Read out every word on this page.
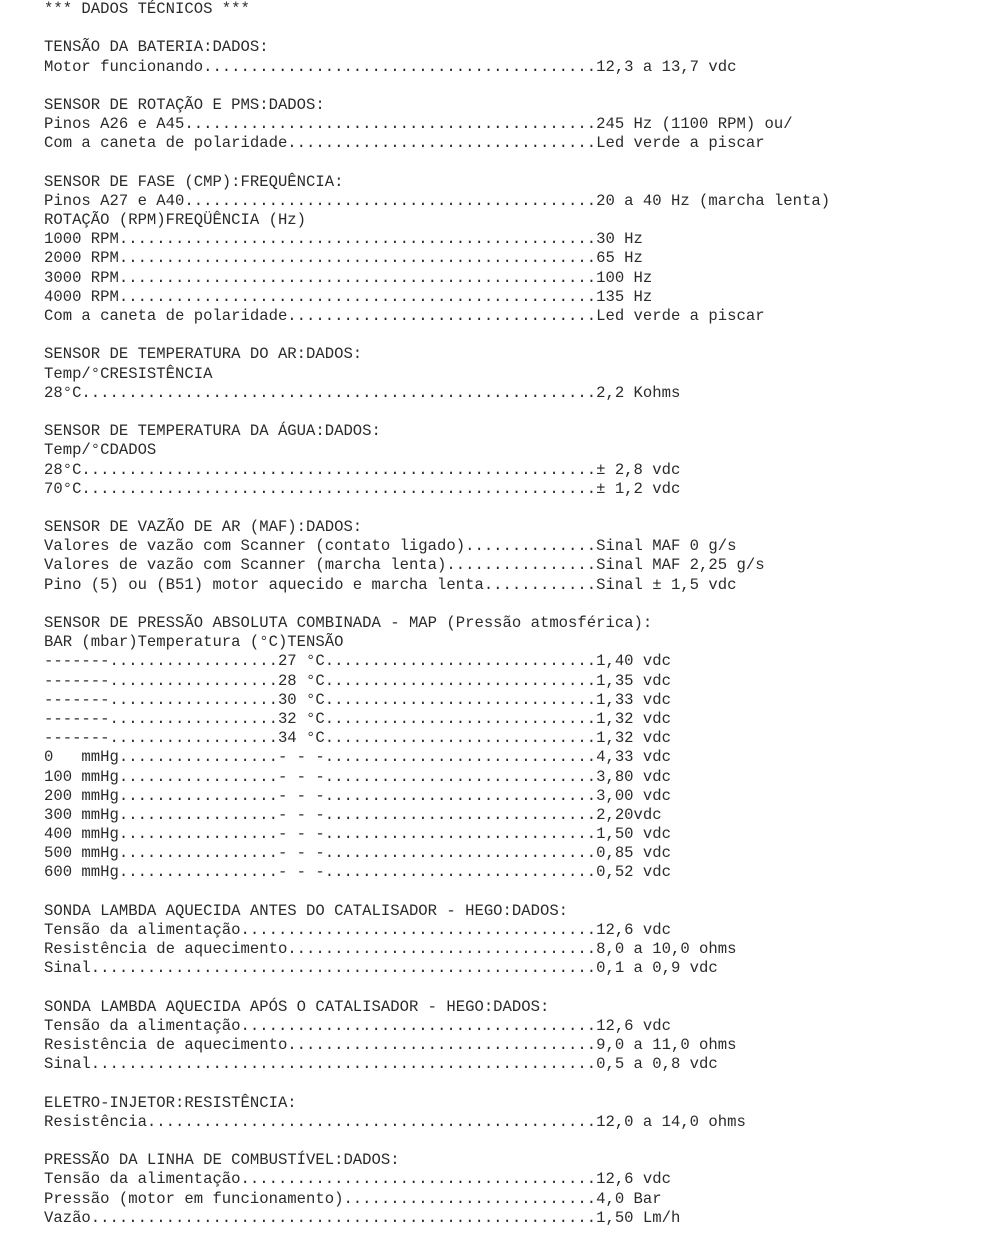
*** DADOS TÉCNICOS ***

TENSÃO DA BATERIA:DADOS:
Motor funcionando..........................................12,3 a 13,7 vdc

SENSOR DE ROTAÇÃO E PMS:DADOS:
Pinos A26 e A45............................................245 Hz (1100 RPM) ou/
Com a caneta de polaridade.................................Led verde a piscar

SENSOR DE FASE (CMP):FREQUÊNCIA:
Pinos A27 e A40............................................20 a 40 Hz (marcha lenta)
ROTAÇÃO (RPM)FREQÜÊNCIA (Hz)
1000 RPM...................................................30 Hz
2000 RPM...................................................65 Hz
3000 RPM...................................................100 Hz
4000 RPM...................................................135 Hz
Com a caneta de polaridade.................................Led verde a piscar

SENSOR DE TEMPERATURA DO AR:DADOS:
Temp/°CRESISTÊNCIA
28°C.......................................................2,2 Kohms

SENSOR DE TEMPERATURA DA ÁGUA:DADOS:
Temp/°CDADOS
28°C.......................................................± 2,8 vdc
70°C.......................................................± 1,2 vdc

SENSOR DE VAZÃO DE AR (MAF):DADOS:
Valores de vazão com Scanner (contato ligado)..............Sinal MAF 0 g/s
Valores de vazão com Scanner (marcha lenta)................Sinal MAF 2,25 g/s
Pino (5) ou (B51) motor aquecido e marcha lenta............Sinal ± 1,5 vdc

SENSOR DE PRESSÃO ABSOLUTA COMBINADA - MAP (Pressão atmosférica):
BAR (mbar)Temperatura (°C)TENSÃO
-------..................27 °C.............................1,40 vdc
-------..................28 °C.............................1,35 vdc
-------..................30 °C.............................1,33 vdc
-------..................32 °C.............................1,32 vdc
-------..................34 °C.............................1,32 vdc
0   mmHg.................- - -.............................4,33 vdc
100 mmHg.................- - -.............................3,80 vdc
200 mmHg.................- - -.............................3,00 vdc
300 mmHg.................- - -.............................2,20vdc
400 mmHg.................- - -.............................1,50 vdc
500 mmHg.................- - -.............................0,85 vdc
600 mmHg.................- - -.............................0,52 vdc

SONDA LAMBDA AQUECIDA ANTES DO CATALISADOR - HEGO:DADOS:
Tensão da alimentação......................................12,6 vdc
Resistência de aquecimento.................................8,0 a 10,0 ohms
Sinal......................................................0,1 a 0,9 vdc

SONDA LAMBDA AQUECIDA APÓS O CATALISADOR - HEGO:DADOS:
Tensão da alimentação......................................12,6 vdc
Resistência de aquecimento.................................9,0 a 11,0 ohms
Sinal......................................................0,5 a 0,8 vdc

ELETRO-INJETOR:RESISTÊNCIA:
Resistência................................................12,0 a 14,0 ohms

PRESSÃO DA LINHA DE COMBUSTÍVEL:DADOS:
Tensão da alimentação......................................12,6 vdc
Pressão (motor em funcionamento)...........................4,0 Bar
Vazão......................................................1,50 Lm/h
